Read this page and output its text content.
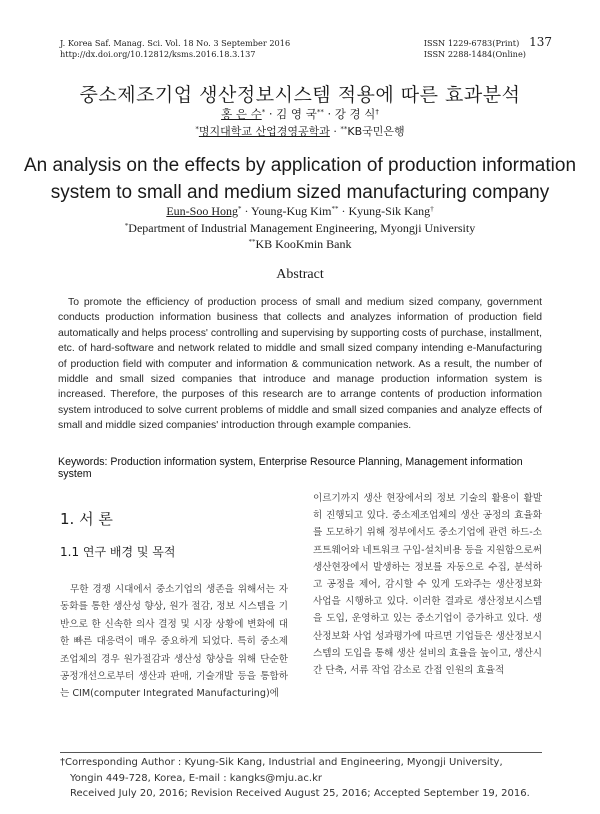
J. Korea Saf. Manag. Sci. Vol. 18 No. 3 September 2016
http://dx.doi.org/10.12812/ksms.2016.18.3.137
ISSN 1229-6783(Print)
ISSN 2288-1484(Online)
137
중소제조기업 생산정보시스템 적용에 따른 효과분석
홍 은 수* · 김 영 국** · 강 경 식†
*명지대학교 산업경영공학과 · **KB국민은행
An analysis on the effects by application of production information
system to small and medium sized manufacturing company
Eun-Soo Hong* · Young-Kug Kim** · Kyung-Sik Kang†
*Department of Industrial Management Engineering, Myongji University
**KB KooKmin Bank
Abstract
To promote the efficiency of production process of small and medium sized company, government conducts production information business that collects and analyzes information of production field automatically and helps process' controlling and supervising by supporting costs of purchase, installment, etc. of hard-software and network related to middle and small sized company intending e-Manufacturing of production field with computer and information & communication network. As a result, the number of middle and small sized companies that introduce and manage production information system is increased. Therefore, the purposes of this research are to arrange contents of production information system introduced to solve current problems of middle and small sized companies and analyze effects of small and middle sized companies' introduction through example companies.
Keywords: Production information system, Enterprise Resource Planning, Management information system
1. 서 론
1.1 연구 배경 및 목적
무한 경쟁 시대에서 중소기업의 생존을 위해서는 자동화를 통한 생산성 향상, 원가 절감, 정보 시스템을 기반으로 한 신속한 의사 결정 및 시장 상황에 변화에 대한 빠른 대응력이 매우 중요하게 되었다. 특히 중소제조업체의 경우 원가절감과 생산성 향상을 위해 단순한 공정개선으로부터 생산과 판매, 기술개발 등을 통합하는 CIM(computer Integrated Manufacturing)에
이르기까지 생산 현장에서의 정보 기술의 활용이 활발히 진행되고 있다. 중소제조업체의 생산 공정의 효율화를 도모하기 위해 정부에서도 중소기업에 관련 하드-소프트웨어와 네트워크 구입-설치비용 등을 지원함으로써 생산현장에서 발생하는 정보를 자동으로 수집, 분석하고 공정을 제어, 감시할 수 있게 도와주는 생산정보화 사업을 시행하고 있다. 이러한 결과로 생산정보시스템을 도입, 운영하고 있는 중소기업이 증가하고 있다. 생산정보화 사업 성과평가에 따르면 기업들은 생산정보시스템의 도입을 통해 생산 설비의 효율을 높이고, 생산시간 단축, 서류 작업 감소로 간접 인원의 효율적
†Corresponding Author : Kyung-Sik Kang, Industrial and Engineering, Myongji University,
Yongin 449-728, Korea, E-mail : kangks@mju.ac.kr
Received July 20, 2016; Revision Received August 25, 2016; Accepted September 19, 2016.
